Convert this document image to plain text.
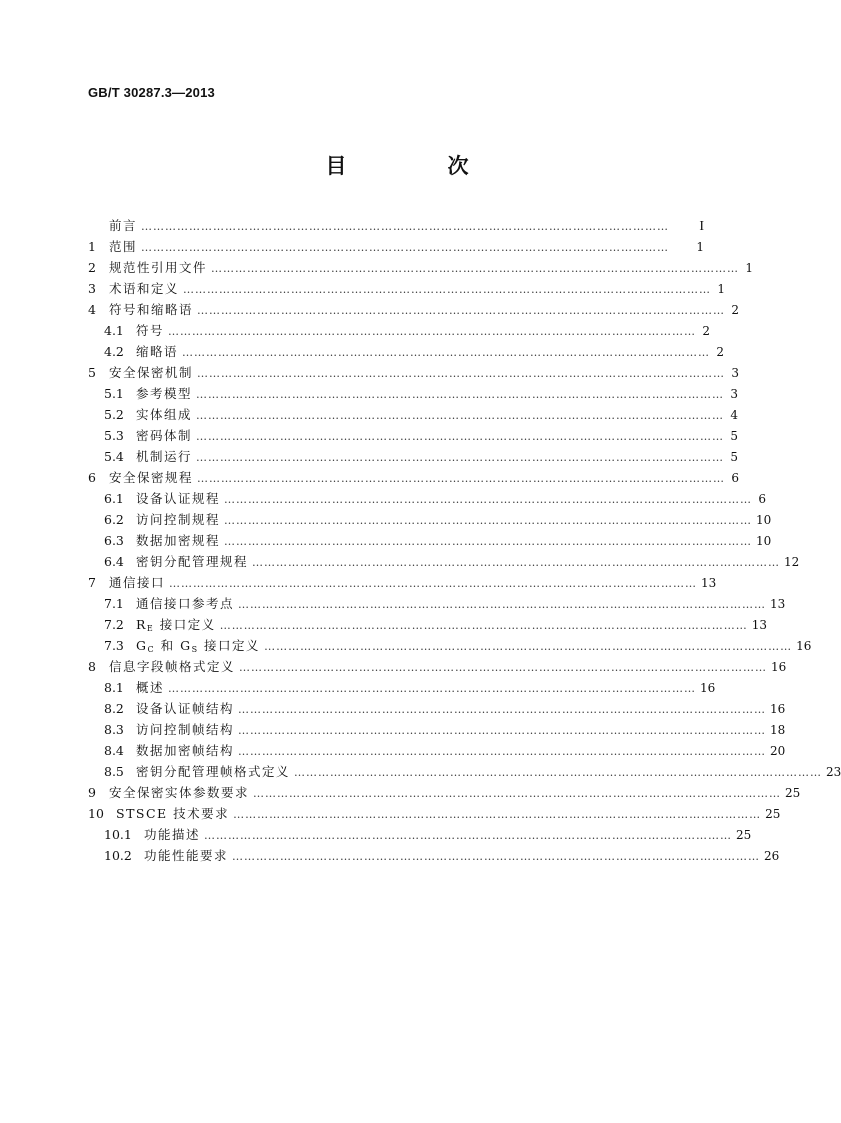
GB/T 30287.3—2013
目　次
前言 ……………………………………………………………………………………………………………………	I
1	范围 ……………………………………………………………………………………………………………………	1
2	规范性引用文件 …………………………………………………………………………………………………………………… 1
3	术语和定义 …………………………………………………………………………………………………………………… 1
4	符号和缩略语 …………………………………………………………………………………………………………………… 2
4.1 符号 …………………………………………………………………………………………………………………… 2
4.2 缩略语 …………………………………………………………………………………………………………………… 2
5	安全保密机制 …………………………………………………………………………………………………………………… 3
5.1 参考模型 …………………………………………………………………………………………………………………… 3
5.2 实体组成 …………………………………………………………………………………………………………………… 4
5.3 密码体制 …………………………………………………………………………………………………………………… 5
5.4 机制运行 …………………………………………………………………………………………………………………… 5
6	安全保密规程 …………………………………………………………………………………………………………………… 6
6.1 设备认证规程 …………………………………………………………………………………………………………………… 6
6.2 访问控制规程 …………………………………………………………………………………………………………………… 10
6.3 数据加密规程 …………………………………………………………………………………………………………………… 10
6.4 密钥分配管理规程 …………………………………………………………………………………………………………………… 12
7	通信接口 …………………………………………………………………………………………………………………… 13
7.1 通信接口参考点 …………………………………………………………………………………………………………………… 13
7.2 $R_E$ 接口定义 …………………………………………………………………………………………………………………… 13
7.3 $G_C$ 和 $G_S$ 接口定义 …………………………………………………………………………………………………………………… 16
8	信息字段帧格式定义 …………………………………………………………………………………………………………………… 16
8.1 概述 …………………………………………………………………………………………………………………… 16
8.2 设备认证帧结构 …………………………………………………………………………………………………………………… 16
8.3 访问控制帧结构 …………………………………………………………………………………………………………………… 18
8.4 数据加密帧结构 …………………………………………………………………………………………………………………… 20
8.5 密钥分配管理帧格式定义 …………………………………………………………………………………………………………………… 23
9	安全保密实体参数要求 …………………………………………………………………………………………………………………… 25
10 STSCE 技术要求 …………………………………………………………………………………………………………………… 25
10.1 功能描述 …………………………………………………………………………………………………………………… 25
10.2 功能性能要求 …………………………………………………………………………………………………………………… 26
